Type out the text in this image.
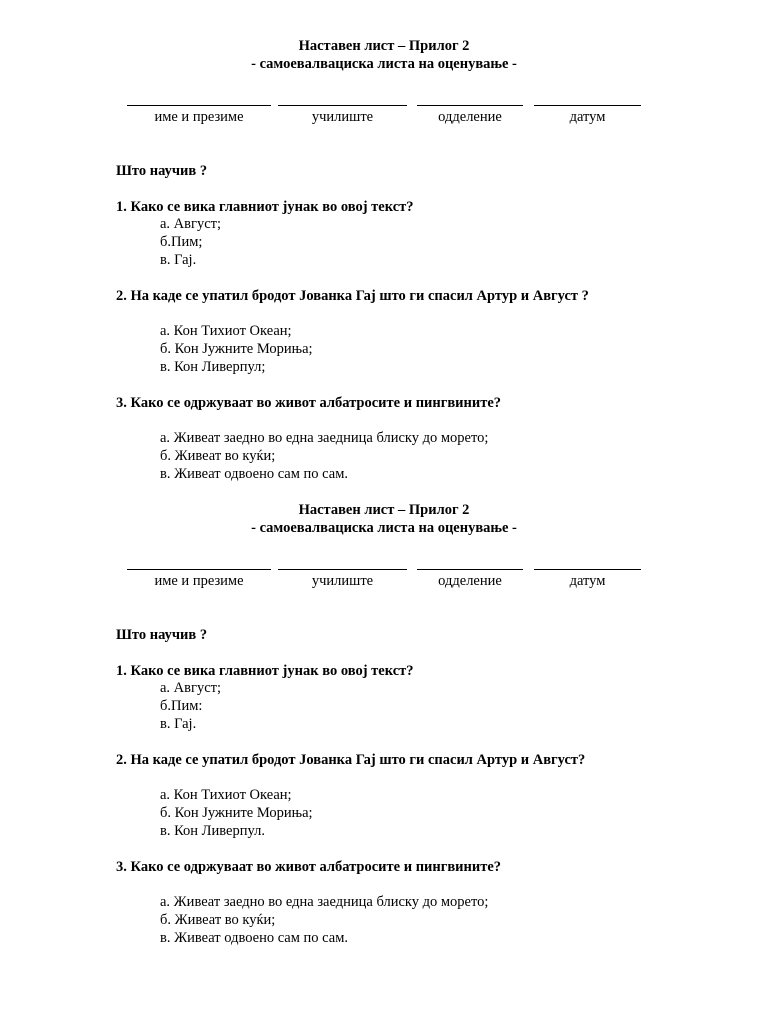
Наставен лист – Прилог 2
- самоевалвациска листа на оценување -
име и презиме	училиште	одделение	датум
Што научив ?
1. Како се вика главниот јунак во овој текст?
а. Август;
б.Пим;
в. Гај.
2. На каде се упатил бродот Јованка Гај што ги спасил Артур и Август ?
а. Кон Тихиот Океан;
б. Кон Јужните Мориња;
в. Кон Ливерпул;
3. Како се одржуваат во живот албатросите и пингвините?
а. Живеат заедно во една заедница блиску до морето;
б. Живеат во куќи;
в. Живеат одвоено сам по сам.
Наставен лист – Прилог 2
- самоевалвациска листа на оценување -
име и презиме	училиште	одделение	датум
Што научив ?
1. Како се вика главниот јунак во овој текст?
а. Август;
б.Пим:
в. Гај.
2. На каде се упатил бродот Јованка Гај што ги спасил Артур и Август?
а. Кон Тихиот Океан;
б. Кон Јужните Мориња;
в. Кон Ливерпул.
3. Како се одржуваат во живот албатросите и пингвините?
а. Живеат заедно во една заедница блиску до морето;
б. Живеат во куќи;
в. Живеат одвоено сам по сам.
